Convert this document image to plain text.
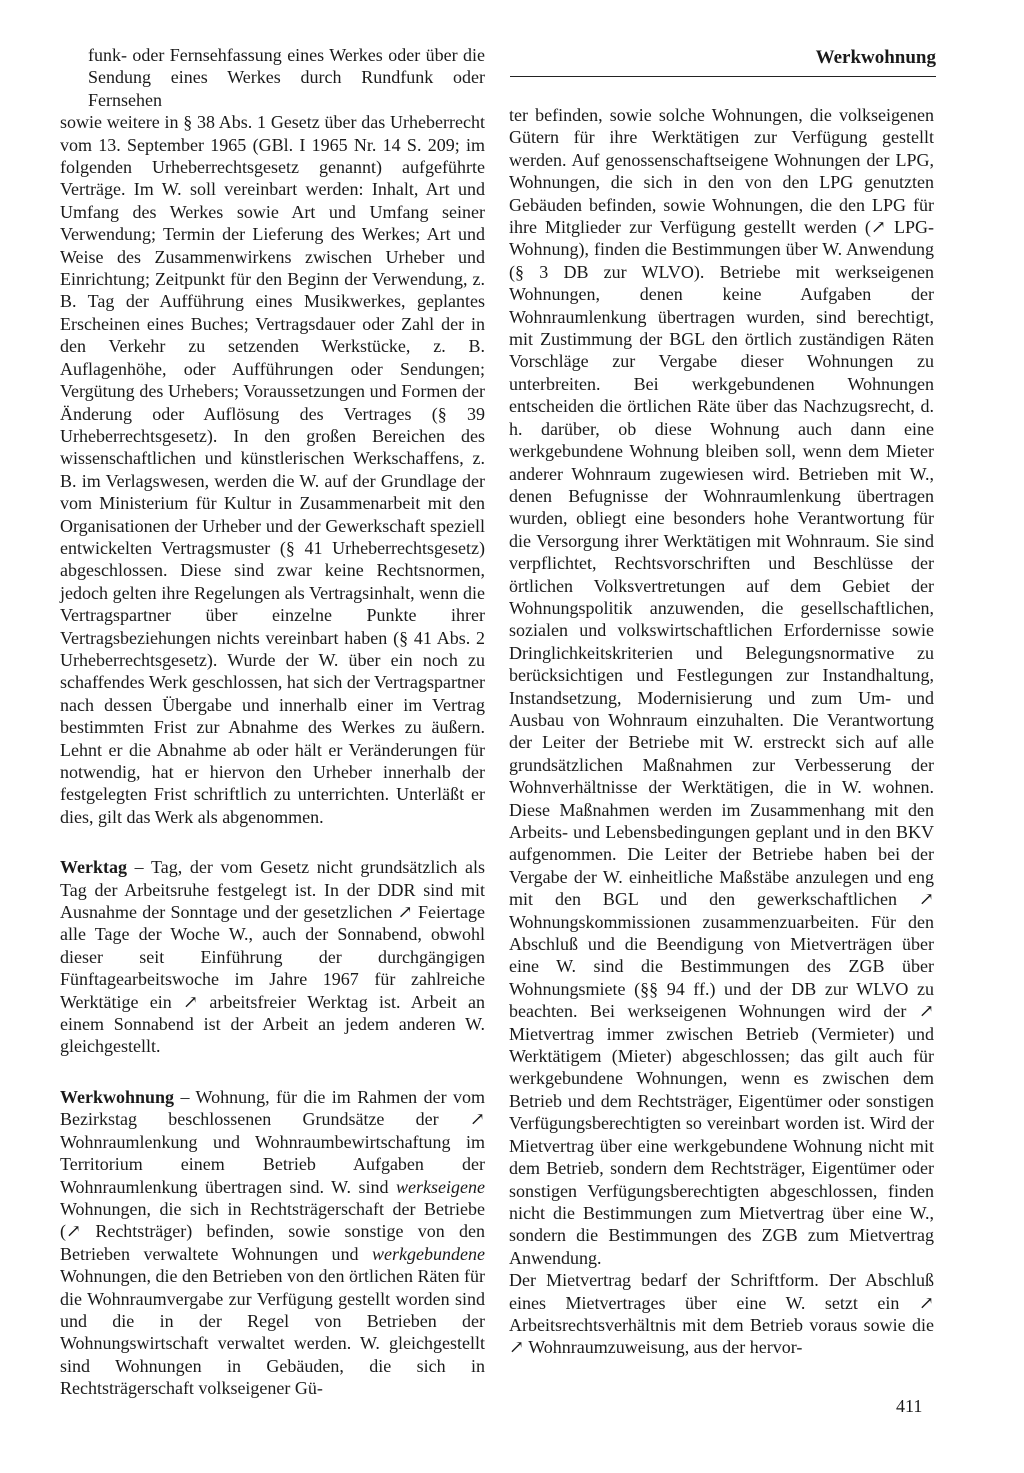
Werkwohnung

funk- oder Fernsehfassung eines Werkes oder über die Sendung eines Werkes durch Rundfunk oder Fernsehen

sowie weitere in § 38 Abs. 1 Gesetz über das Urheberrecht vom 13. September 1965 (GBl. I 1965 Nr. 14 S. 209; im folgenden Urheberrechtsgesetz genannt) aufgeführte Verträge. Im W. soll vereinbart werden: Inhalt, Art und Umfang des Werkes sowie Art und Umfang seiner Verwendung; Termin der Lieferung des Werkes; Art und Weise des Zusammenwirkens zwischen Urheber und Einrichtung; Zeitpunkt für den Beginn der Verwendung, z. B. Tag der Aufführung eines Musikwerkes, geplantes Erscheinen eines Buches; Vertragsdauer oder Zahl der in den Verkehr zu setzenden Werkstücke, z. B. Auflagenhöhe, oder Aufführungen oder Sendungen; Vergütung des Urhebers; Voraussetzungen und Formen der Änderung oder Auflösung des Vertrages (§ 39 Urheberrechtsgesetz). In den großen Bereichen des wissenschaftlichen und künstlerischen Werkschaffens, z. B. im Verlagswesen, werden die W. auf der Grundlage der vom Ministerium für Kultur in Zusammenarbeit mit den Organisationen der Urheber und der Gewerkschaft speziell entwickelten Vertragsmuster (§ 41 Urheberrechtsgesetz) abgeschlossen. Diese sind zwar keine Rechtsnormen, jedoch gelten ihre Regelungen als Vertragsinhalt, wenn die Vertragspartner über einzelne Punkte ihrer Vertragsbeziehungen nichts vereinbart haben (§ 41 Abs. 2 Urheberrechtsgesetz). Wurde der W. über ein noch zu schaffendes Werk geschlossen, hat sich der Vertragspartner nach dessen Übergabe und innerhalb einer im Vertrag bestimmten Frist zur Abnahme des Werkes zu äußern. Lehnt er die Abnahme ab oder hält er Veränderungen für notwendig, hat er hiervon den Urheber innerhalb der festgelegten Frist schriftlich zu unterrichten. Unterläßt er dies, gilt das Werk als abgenommen.

Werktag – Tag, der vom Gesetz nicht grundsätzlich als Tag der Arbeitsruhe festgelegt ist. In der DDR sind mit Ausnahme der Sonntage und der gesetzlichen ↗ Feiertage alle Tage der Woche W., auch der Sonnabend, obwohl dieser seit Einführung der durchgängigen Fünftagearbeitswoche im Jahre 1967 für zahlreiche Werktätige ein ↗ arbeitsfreier Werktag ist. Arbeit an einem Sonnabend ist der Arbeit an jedem anderen W. gleichgestellt.

Werkwohnung – Wohnung, für die im Rahmen der vom Bezirkstag beschlossenen Grundsätze der ↗ Wohnraumlenkung und Wohnraumbewirtschaftung im Territorium einem Betrieb Aufgaben der Wohnraumlenkung übertragen sind. W. sind werkseigene Wohnungen, die sich in Rechtsträgerschaft der Betriebe (↗ Rechtsträger) befinden, sowie sonstige von den Betrieben verwaltete Wohnungen und werkgebundene Wohnungen, die den Betrieben von den örtlichen Räten für die Wohnraumvergabe zur Verfügung gestellt worden sind und die in der Regel von Betrieben der Wohnungswirtschaft verwaltet werden. W. gleichgestellt sind Wohnungen in Gebäuden, die sich in Rechtsträgerschaft volkseigener Gü-

ter befinden, sowie solche Wohnungen, die volkseigenen Gütern für ihre Werktätigen zur Verfügung gestellt werden. Auf genossenschaftseigene Wohnungen der LPG, Wohnungen, die sich in den von den LPG genutzten Gebäuden befinden, sowie Wohnungen, die den LPG für ihre Mitglieder zur Verfügung gestellt werden (↗ LPG-Wohnung), finden die Bestimmungen über W. Anwendung (§ 3 DB zur WLVO). Betriebe mit werkseigenen Wohnungen, denen keine Aufgaben der Wohnraumlenkung übertragen wurden, sind berechtigt, mit Zustimmung der BGL den örtlich zuständigen Räten Vorschläge zur Vergabe dieser Wohnungen zu unterbreiten. Bei werkgebundenen Wohnungen entscheiden die örtlichen Räte über das Nachzugsrecht, d. h. darüber, ob diese Wohnung auch dann eine werkgebundene Wohnung bleiben soll, wenn dem Mieter anderer Wohnraum zugewiesen wird. Betrieben mit W., denen Befugnisse der Wohnraumlenkung übertragen wurden, obliegt eine besonders hohe Verantwortung für die Versorgung ihrer Werktätigen mit Wohnraum. Sie sind verpflichtet, Rechtsvorschriften und Beschlüsse der örtlichen Volksvertretungen auf dem Gebiet der Wohnungspolitik anzuwenden, die gesellschaftlichen, sozialen und volkswirtschaftlichen Erfordernisse sowie Dringlichkeitskriterien und Belegungsnormative zu berücksichtigen und Festlegungen zur Instandhaltung, Instandsetzung, Modernisierung und zum Um- und Ausbau von Wohnraum einzuhalten. Die Verantwortung der Leiter der Betriebe mit W. erstreckt sich auf alle grundsätzlichen Maßnahmen zur Verbesserung der Wohnverhältnisse der Werktätigen, die in W. wohnen. Diese Maßnahmen werden im Zusammenhang mit den Arbeits- und Lebensbedingungen geplant und in den BKV aufgenommen. Die Leiter der Betriebe haben bei der Vergabe der W. einheitliche Maßstäbe anzulegen und eng mit den BGL und den gewerkschaftlichen ↗ Wohnungskommissionen zusammenzuarbeiten. Für den Abschluß und die Beendigung von Mietverträgen über eine W. sind die Bestimmungen des ZGB über Wohnungsmiete (§§ 94 ff.) und der DB zur WLVO zu beachten. Bei werkseigenen Wohnungen wird der ↗ Mietvertrag immer zwischen Betrieb (Vermieter) und Werktätigem (Mieter) abgeschlossen; das gilt auch für werkgebundene Wohnungen, wenn es zwischen dem Betrieb und dem Rechtsträger, Eigentümer oder sonstigen Verfügungsberechtigten so vereinbart worden ist. Wird der Mietvertrag über eine werkgebundene Wohnung nicht mit dem Betrieb, sondern dem Rechtsträger, Eigentümer oder sonstigen Verfügungsberechtigten abgeschlossen, finden nicht die Bestimmungen zum Mietvertrag über eine W., sondern die Bestimmungen des ZGB zum Mietvertrag Anwendung.

Der Mietvertrag bedarf der Schriftform. Der Abschluß eines Mietvertrages über eine W. setzt ein ↗ Arbeitsrechtsverhältnis mit dem Betrieb voraus sowie die ↗ Wohnraumzuweisung, aus der hervor-

411
